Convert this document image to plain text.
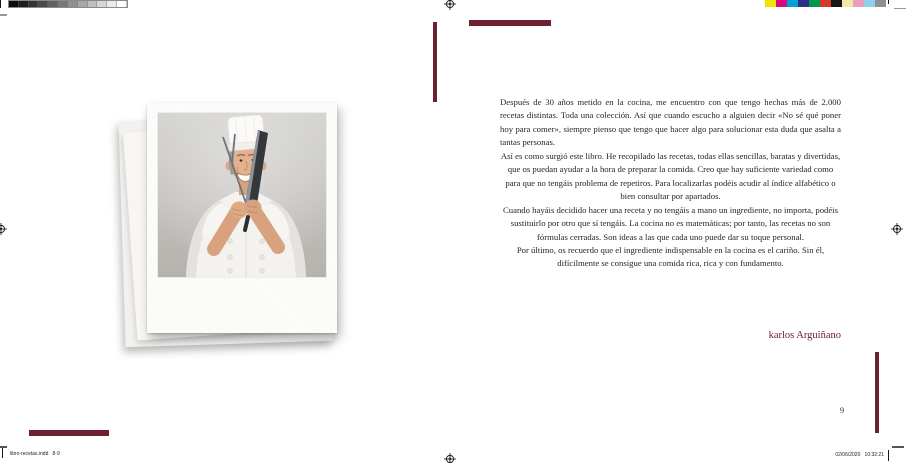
Después de 30 años metido en la cocina, me encuentro con que tengo hechas más de 2.000 recetas distintas. Toda una colección. Así que cuando escucho a alguien decir «No sé qué poner hoy para comer», siempre pienso que tengo que hacer algo para solucionar esta duda que asalta a tantas personas.

Así es como surgió este libro. He recopilado las recetas, todas ellas sencillas, baratas y divertidas, que os puedan ayudar a la hora de preparar la comida. Creo que hay suficiente variedad como para que no tengáis problema de repetiros. Para localizarlas podéis acudir al índice alfabético o bien consultar por apartados.

Cuando hayáis decidido hacer una receta y no tengáis a mano un ingrediente, no importa, podéis sustituirlo por otro que sí tengáis. La cocina no es matemáticas; por tanto, las recetas no son fórmulas cerradas. Son ideas a las que cada uno puede dar su toque personal.

Por último, os recuerdo que el ingrediente indispensable en la cocina es el cariño. Sin él, difícilmente se consigue una comida rica, rica y con fundamento.

karlos Arguiñano
9
libro-recetas.indd   8-9	02/06/2020   10:32:21
